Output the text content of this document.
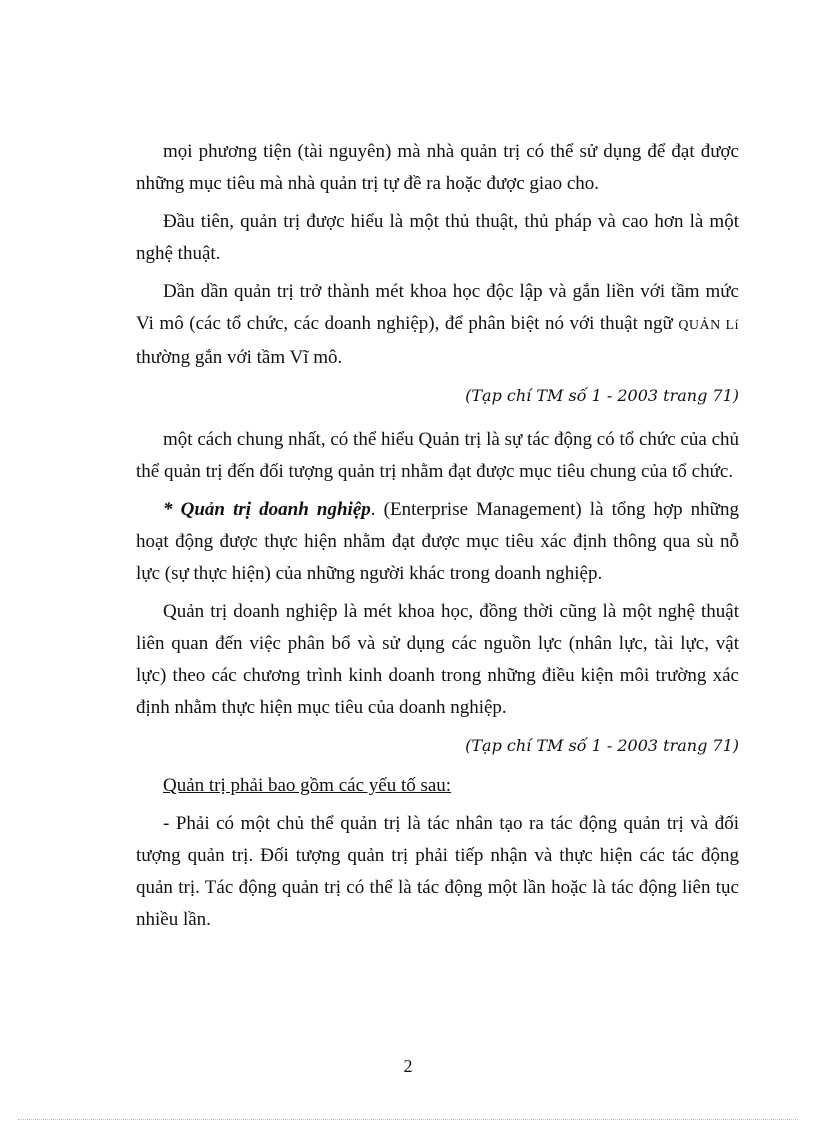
mọi phương tiện (tài nguyên) mà nhà quản trị có thể sử dụng để đạt được những mục tiêu mà nhà quản trị tự đề ra hoặc được giao cho.

Đầu tiên, quản trị được hiểu là một thủ thuật, thủ pháp và cao hơn là một nghệ thuật.

Dần dần quản trị trở thành mét khoa học độc lập và gắn liền với tầm mức Vi mô (các tổ chức, các doanh nghiệp), để phân biệt nó với thuật ngữ QUẢN Lí thường gắn với tầm Vĩ mô.

(Tạp chí TM số 1 - 2003 trang 71)

một cách chung nhất, có thể hiểu Quản trị là sự tác động có tổ chức của chủ thể quản trị đến đối tượng quản trị nhằm đạt được mục tiêu chung của tổ chức.

* Quản trị doanh nghiệp. (Enterprise Management) là tổng hợp những hoạt động được thực hiện nhằm đạt được mục tiêu xác định thông qua sù nỗ lực (sự thực hiện) của những người khác trong doanh nghiệp.

Quản trị doanh nghiệp là mét khoa học, đồng thời cũng là một nghệ thuật liên quan đến việc phân bổ và sử dụng các nguồn lực (nhân lực, tài lực, vật lực) theo các chương trình kinh doanh trong những điều kiện môi trường xác định nhằm thực hiện mục tiêu của doanh nghiệp.

(Tạp chí TM số 1 - 2003 trang 71)

Quản trị phải bao gồm các yếu tố sau:

- Phải có một chủ thể quản trị là tác nhân tạo ra tác động quản trị và đối tượng quản trị. Đối tượng quản trị phải tiếp nhận và thực hiện các tác động quản trị. Tác động quản trị có thể là tác động một lần hoặc là tác động liên tục nhiều lần.

2
